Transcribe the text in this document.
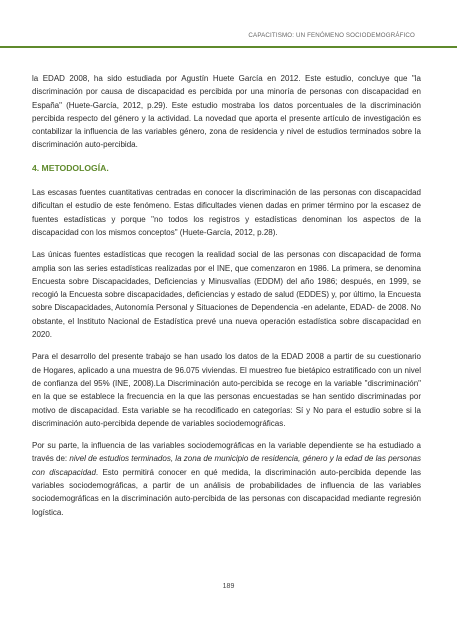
CAPACITISMO: UN FENÓMENO SOCIODEMOGRÁFICO

la EDAD 2008, ha sido estudiada por Agustín Huete García en 2012. Este estudio, concluye que "la discriminación por causa de discapacidad es percibida por una minoría de personas con discapacidad en España" (Huete-García, 2012, p.29). Este estudio mostraba los datos porcentuales de la discriminación percibida respecto del género y la actividad. La novedad que aporta el presente artículo de investigación es contabilizar la influencia de las variables género, zona de residencia y nivel de estudios terminados sobre la discriminación auto-percibida.

4. METODOLOGÍA.

Las escasas fuentes cuantitativas centradas en conocer la discriminación de las personas con discapacidad dificultan el estudio de este fenómeno. Estas dificultades vienen dadas en primer término por la escasez de fuentes estadísticas y porque "no todos los registros y estadísticas denominan los aspectos de la discapacidad con los mismos conceptos" (Huete-García, 2012, p.28).

Las únicas fuentes estadísticas que recogen la realidad social de las personas con discapacidad de forma amplia son las series estadísticas realizadas por el INE, que comenzaron en 1986. La primera, se denomina Encuesta sobre Discapacidades, Deficiencias y Minusvalías (EDDM) del año 1986; después, en 1999, se recogió la Encuesta sobre discapacidades, deficiencias y estado de salud (EDDES) y, por último, la Encuesta sobre Discapacidades, Autonomía Personal y Situaciones de Dependencia -en adelante, EDAD- de 2008. No obstante, el Instituto Nacional de Estadística prevé una nueva operación estadística sobre discapacidad en 2020.

Para el desarrollo del presente trabajo se han usado los datos de la EDAD 2008 a partir de su cuestionario de Hogares, aplicado a una muestra de 96.075 viviendas. El muestreo fue bietápico estratificado con un nivel de confianza del 95% (INE, 2008).La Discriminación auto-percibida se recoge en la variable "discriminación" en la que se establece la frecuencia en la que las personas encuestadas se han sentido discriminadas por motivo de discapacidad. Esta variable se ha recodificado en categorías: Sí y No para el estudio sobre si la discriminación auto-percibida depende de variables sociodemográficas.

Por su parte, la influencia de las variables sociodemográficas en la variable dependiente se ha estudiado a través de: nivel de estudios terminados, la zona de municipio de residencia, género y la edad de las personas con discapacidad. Esto permitirá conocer en qué medida, la discriminación auto-percibida depende las variables sociodemográficas, a partir de un análisis de probabilidades de influencia de las variables sociodemográficas en la discriminación auto-percibida de las personas con discapacidad mediante regresión logística.

189
